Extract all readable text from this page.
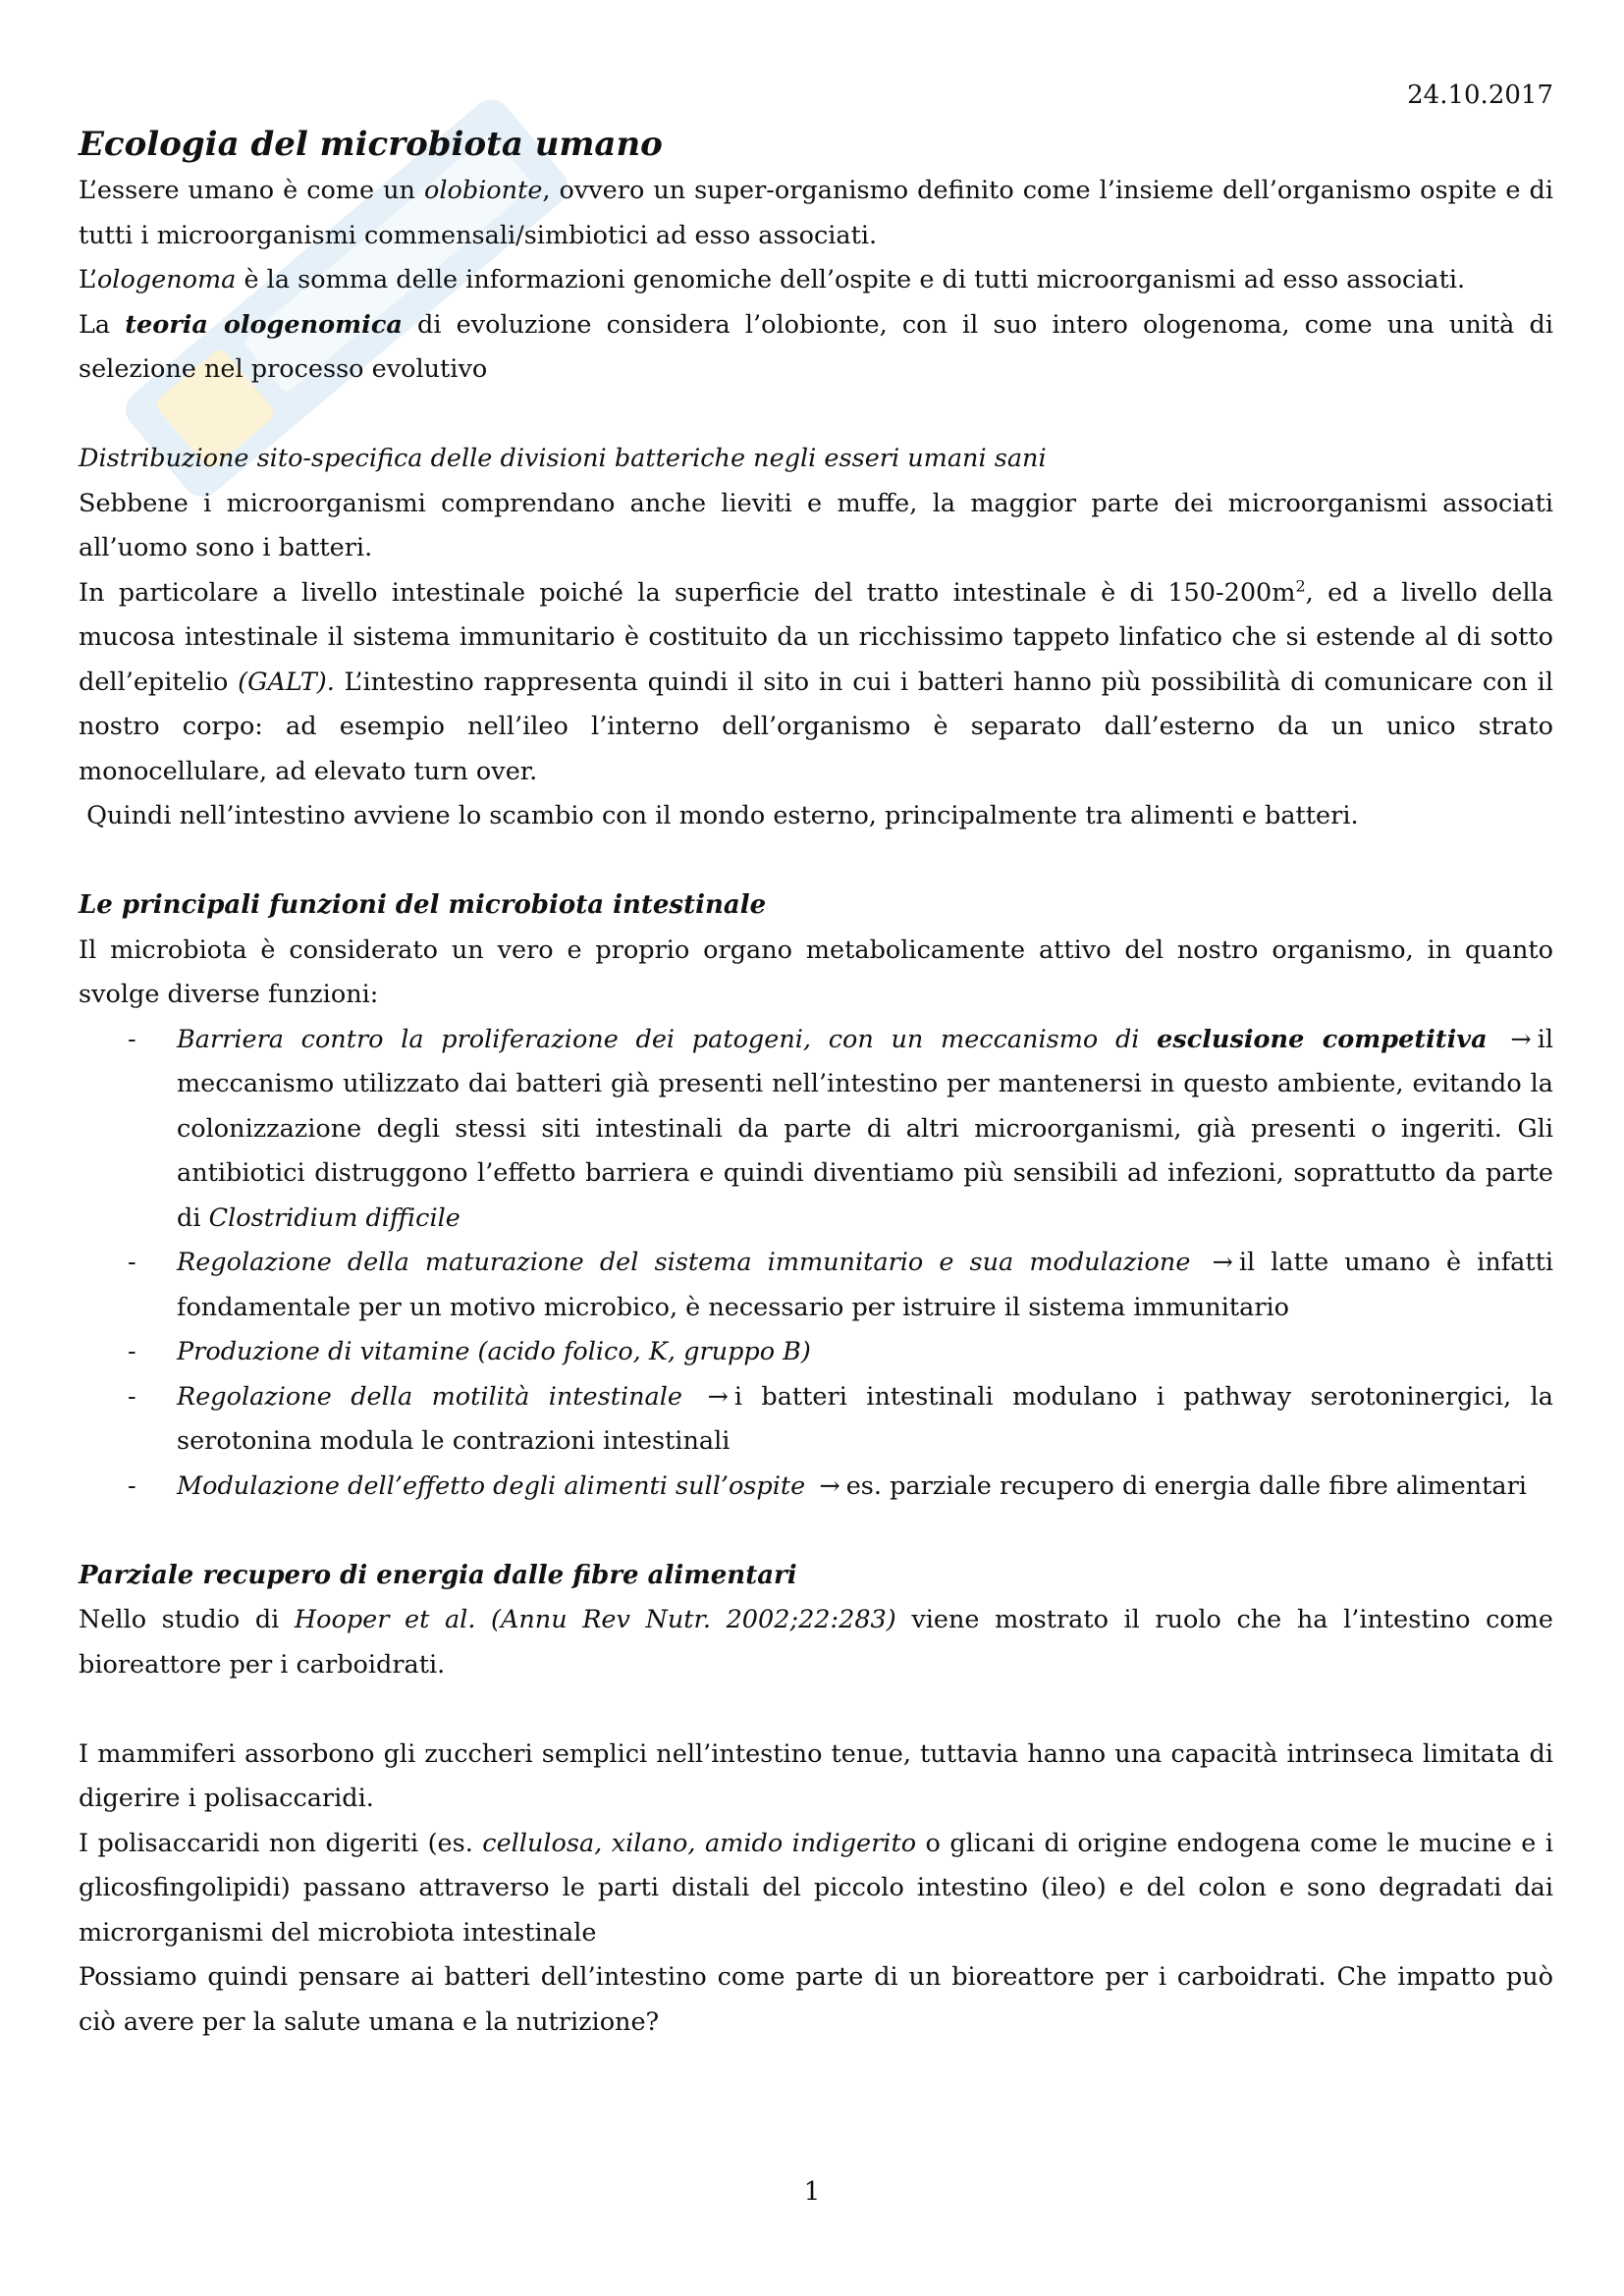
24.10.2017
Ecologia del microbiota umano

L’essere umano è come un olobionte, ovvero un super-organismo definito come l’insieme dell’organismo ospite e di tutti i microorganismi commensali/simbiotici ad esso associati.

L’ologenoma è la somma delle informazioni genomiche dell’ospite e di tutti microorganismi ad esso associati.

La teoria ologenomica di evoluzione considera l’olobionte, con il suo intero ologenoma, come una unità di selezione nel processo evolutivo

Distribuzione sito-specifica delle divisioni batteriche negli esseri umani sani

Sebbene i microorganismi comprendano anche lieviti e muffe, la maggior parte dei microorganismi associati all’uomo sono i batteri.

In particolare a livello intestinale poiché la superficie del tratto intestinale è di $150-200m^2$, ed a livello della mucosa intestinale il sistema immunitario è costituito da un ricchissimo tappeto linfatico che si estende al di sotto dell’epitelio (GALT). L’intestino rappresenta quindi il sito in cui i batteri hanno più possibilità di comunicare con il nostro corpo: ad esempio nell’ileo l’interno dell’organismo è separato dall’esterno da un unico strato monocellulare, ad elevato turn over.

Quindi nell’intestino avviene lo scambio con il mondo esterno, principalmente tra alimenti e batteri.

Le principali funzioni del microbiota intestinale

Il microbiota è considerato un vero e proprio organo metabolicamente attivo del nostro organismo, in quanto svolge diverse funzioni:

- Barriera contro la proliferazione dei patogeni, con un meccanismo di esclusione competitiva → il meccanismo utilizzato dai batteri già presenti nell’intestino per mantenersi in questo ambiente, evitando la colonizzazione degli stessi siti intestinali da parte di altri microorganismi, già presenti o ingeriti. Gli antibiotici distruggono l’effetto barriera e quindi diventiamo più sensibili ad infezioni, soprattutto da parte di Clostridium difficile
- Regolazione della maturazione del sistema immunitario e sua modulazione → il latte umano è infatti fondamentale per un motivo microbico, è necessario per istruire il sistema immunitario
- Produzione di vitamine (acido folico, K, gruppo B)
- Regolazione della motilità intestinale → i batteri intestinali modulano i pathway serotoninergici, la serotonina modula le contrazioni intestinali
- Modulazione dell’effetto degli alimenti sull’ospite → es. parziale recupero di energia dalle fibre alimentari

Parziale recupero di energia dalle fibre alimentari

Nello studio di Hooper et al. (Annu Rev Nutr. 2002;22:283) viene mostrato il ruolo che ha l’intestino come bioreattore per i carboidrati.

I mammiferi assorbono gli zuccheri semplici nell’intestino tenue, tuttavia hanno una capacità intrinseca limitata di digerire i polisaccaridi.

I polisaccaridi non digeriti (es. cellulosa, xilano, amido indigerito o glicani di origine endogena come le mucine e i glicosfingolipidi) passano attraverso le parti distali del piccolo intestino (ileo) e del colon e sono degradati dai microrganismi del microbiota intestinale

Possiamo quindi pensare ai batteri dell’intestino come parte di un bioreattore per i carboidrati. Che impatto può ciò avere per la salute umana e la nutrizione?

1
